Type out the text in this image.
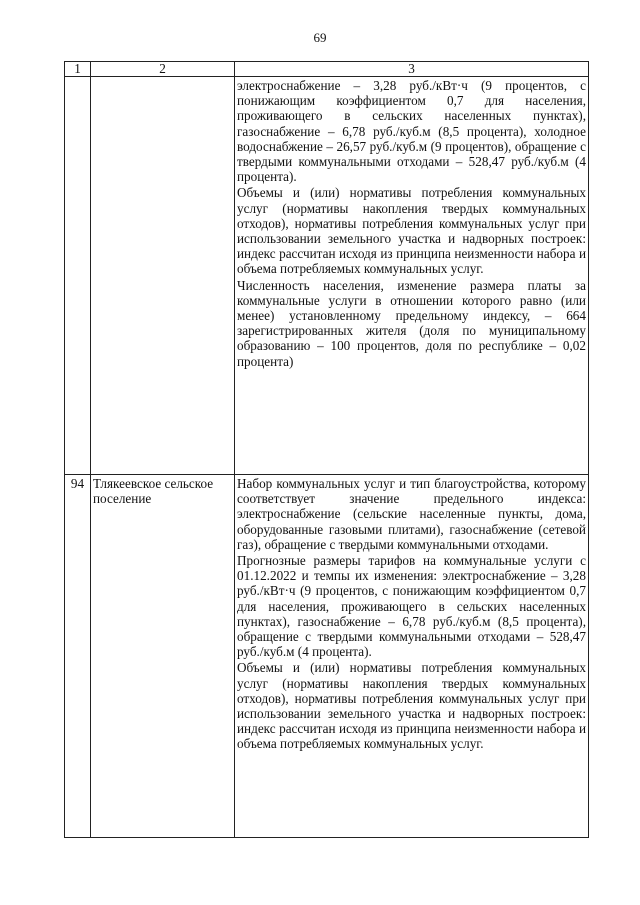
69
1	2	3

		электроснабжение – 3,28 руб./кВт·ч (9 процентов, с понижающим коэффициентом 0,7 для населения, проживающего в сельских населенных пунктах), газоснабжение – 6,78 руб./куб.м (8,5 процента), холодное водоснабжение – 26,57 руб./куб.м (9 процентов), обращение с твердыми коммунальными отходами – 528,47 руб./куб.м (4 процента).

Объемы и (или) нормативы потребления коммунальных услуг (нормативы накопления твердых коммунальных отходов), нормативы потребления коммунальных услуг при использовании земельного участка и надворных построек: индекс рассчитан исходя из принципа неизменности набора и объема потребляемых коммунальных услуг.

Численность населения, изменение размера платы за коммунальные услуги в отношении которого равно (или менее) установленному предельному индексу, – 664 зарегистрированных жителя (доля по муниципальному образованию – 100 процентов, доля по республике – 0,02 процента)

94	Тлякеевское сельское поселение	Набор коммунальных услуг и тип благоустройства, которому соответствует значение предельного индекса: электроснабжение (сельские населенные пункты, дома, оборудованные газовыми плитами), газоснабжение (сетевой газ), обращение с твердыми коммунальными отходами.

Прогнозные размеры тарифов на коммунальные услуги с 01.12.2022 и темпы их изменения: электроснабжение – 3,28 руб./кВт·ч (9 процентов, с понижающим коэффициентом 0,7 для населения, проживающего в сельских населенных пунктах), газоснабжение – 6,78 руб./куб.м (8,5 процента), обращение с твердыми коммунальными отходами – 528,47 руб./куб.м (4 процента).

Объемы и (или) нормативы потребления коммунальных услуг (нормативы накопления твердых коммунальных отходов), нормативы потребления коммунальных услуг при использовании земельного участка и надворных построек: индекс рассчитан исходя из принципа неизменности набора и объема потребляемых коммунальных услуг.
